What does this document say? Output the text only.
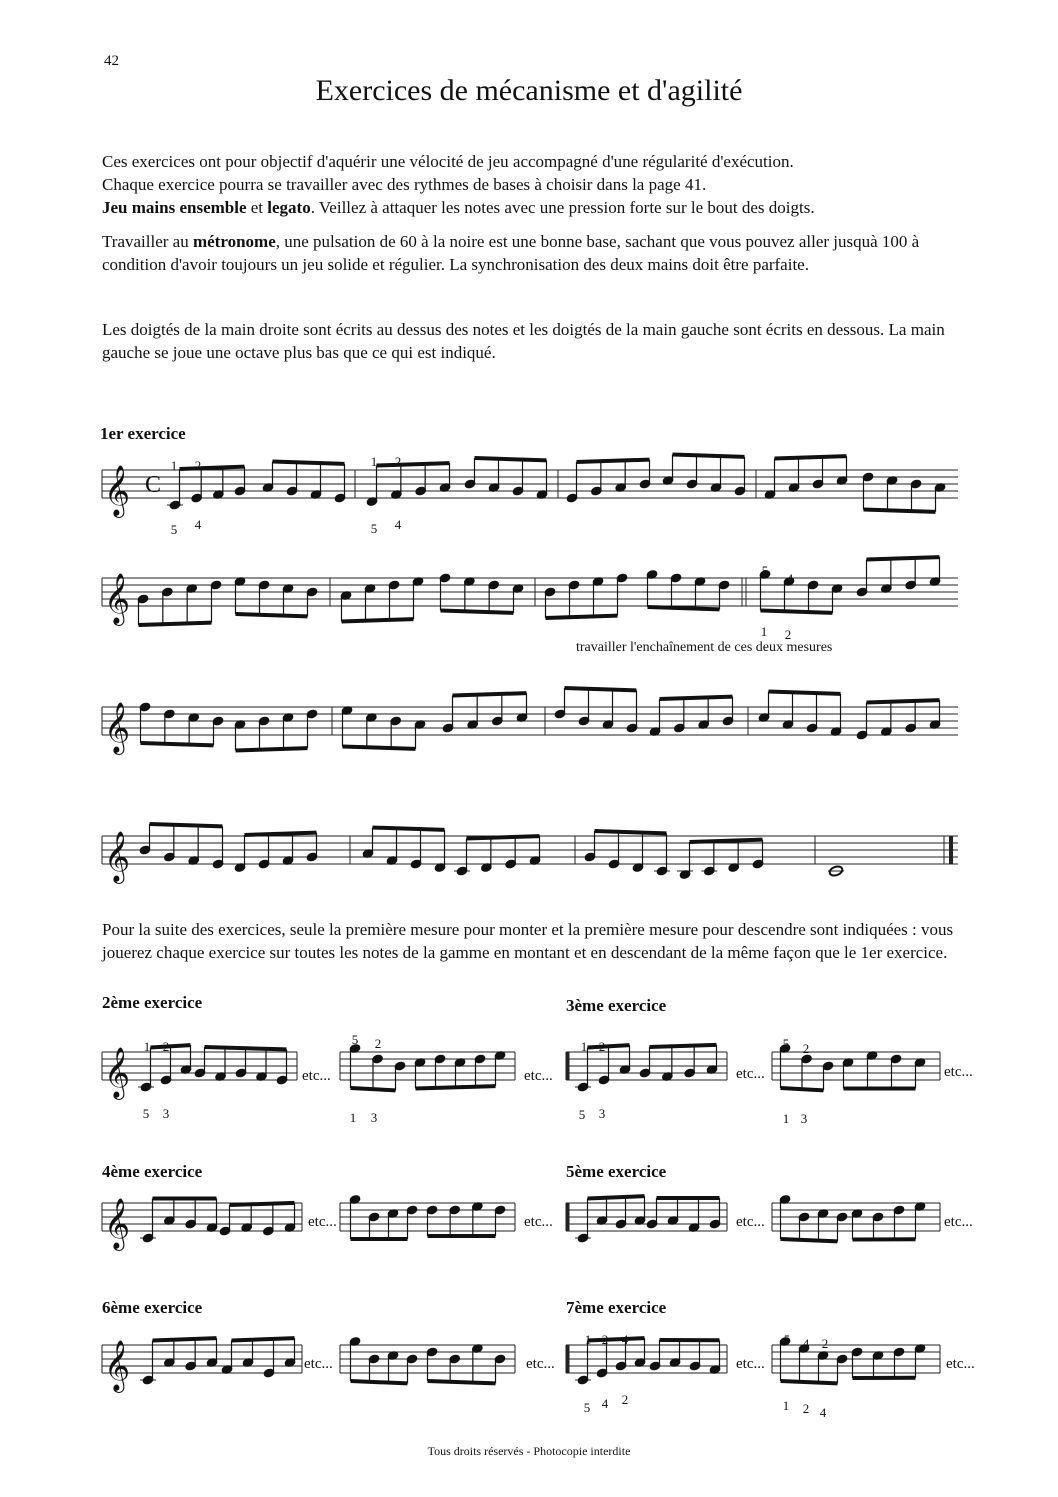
42
Exercices de mécanisme et d'agilité

Ces exercices ont pour objectif d'aquérir une vélocité de jeu accompagné d'une régularité d'exécution.

Chaque exercice pourra se travailler avec des rythmes de bases à choisir dans la page 41.

Jeu mains ensemble et legato. Veillez à attaquer les notes avec une pression forte sur le bout des doigts.

Travailler au métronome, une pulsation de 60 à la noire est une bonne base, sachant que vous pouvez aller jusquà 100 à condition d'avoir toujours un jeu solide et régulier. La synchronisation des deux mains doit être parfaite.

Les doigtés de la main droite sont écrits au dessus des notes et les doigtés de la main gauche sont écrits en dessous. La main gauche se joue une octave plus bas que ce qui est indiqué.

1er exercice

Pour la suite des exercices, seule la première mesure pour monter et la première mesure pour descendre sont indiquées : vous jouerez chaque exercice sur toutes les notes de la gamme en montant et en descendant de la même façon que le 1er exercice.

2ème exercice	3ème exercice
4ème exercice	5ème exercice
6ème exercice	7ème exercice
travailler l'enchaînement de ces deux mesures
etc...	etc...	etc...	etc...
etc...	etc...	etc...	etc...
etc...	etc...	etc...	etc...
Tous droits réservés - Photocopie interdite
𝄞 C
1 2
5 4
1 2
5 4
𝄞
5
4
1 2
𝄞
𝄞
𝄞
1 2
5 3
5 2
1 3
1 2
5 3
5 2
1 3
𝄞
𝄞
1 2 4
5 4 2
5 4 2
1 2 4
